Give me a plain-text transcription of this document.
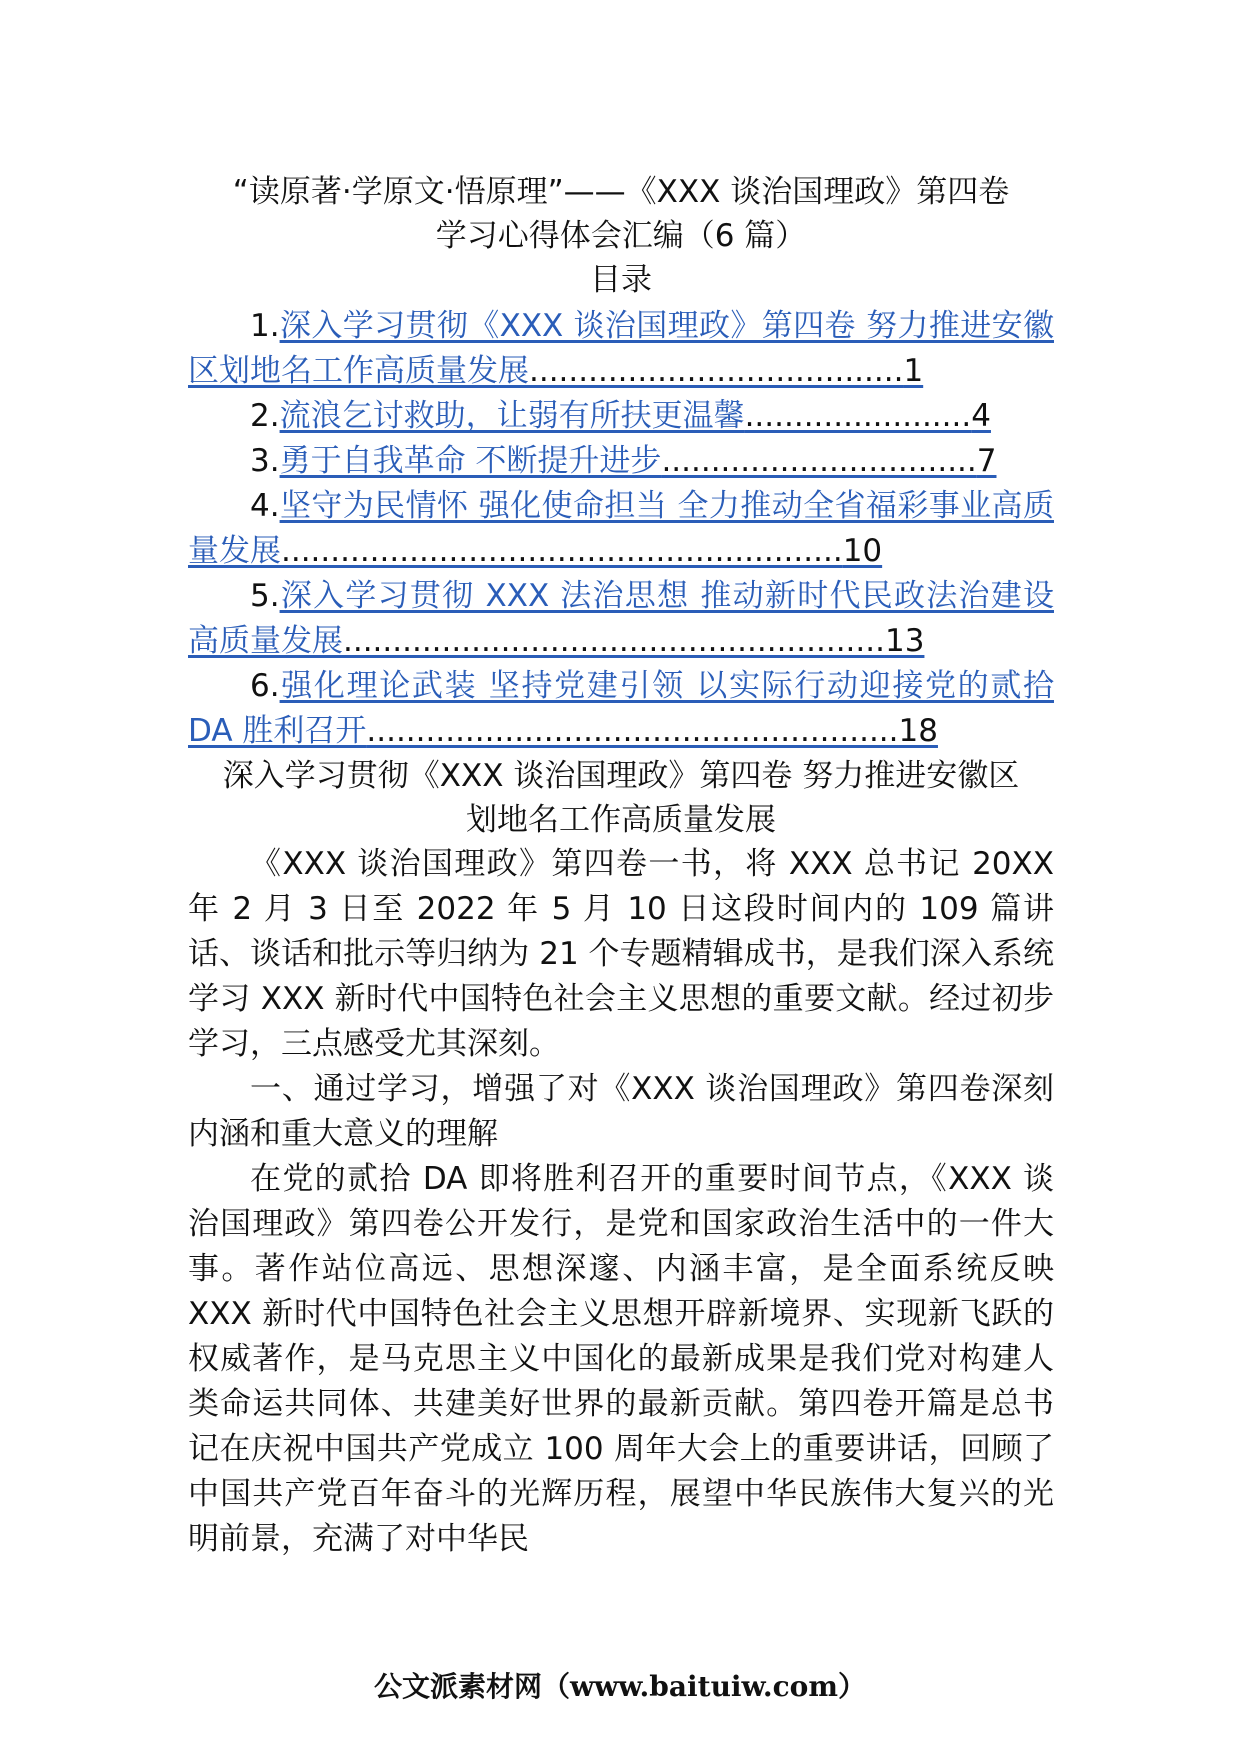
“读原著·学原文·悟原理”——《XXX 谈治国理政》第四卷

学习心得体会汇编（6 篇）

目录

1.深入学习贯彻《XXX 谈治国理政》第四卷 努力推进安徽区划地名工作高质量发展......................................1

2.流浪乞讨救助，让弱有所扶更温馨.......................4

3.勇于自我革命 不断提升进步................................7

4.坚守为民情怀 强化使命担当 全力推动全省福彩事业高质量发展.........................................................10

5.深入学习贯彻 XXX 法治思想 推动新时代民政法治建设高质量发展.......................................................13

6.强化理论武装 坚持党建引领 以实际行动迎接党的贰拾 DA 胜利召开......................................................18

深入学习贯彻《XXX 谈治国理政》第四卷 努力推进安徽区

划地名工作高质量发展

《XXX 谈治国理政》第四卷一书，将 XXX 总书记 20XX 年 2 月 3 日至 2022 年 5 月 10 日这段时间内的 109 篇讲话、谈话和批示等归纳为 21 个专题精辑成书，是我们深入系统学习 XXX 新时代中国特色社会主义思想的重要文献。经过初步学习，三点感受尤其深刻。

一、通过学习，增强了对《XXX 谈治国理政》第四卷深刻内涵和重大意义的理解

在党的贰拾 DA 即将胜利召开的重要时间节点，《XXX 谈治国理政》第四卷公开发行，是党和国家政治生活中的一件大事。著作站位高远、思想深邃、内涵丰富，是全面系统反映 XXX 新时代中国特色社会主义思想开辟新境界、实现新飞跃的权威著作，是马克思主义中国化的最新成果是我们党对构建人类命运共同体、共建美好世界的最新贡献。第四卷开篇是总书记在庆祝中国共产党成立 100 周年大会上的重要讲话，回顾了中国共产党百年奋斗的光辉历程，展望中华民族伟大复兴的光明前景，充满了对中华民

公文派素材网（www.baituiw.com）
